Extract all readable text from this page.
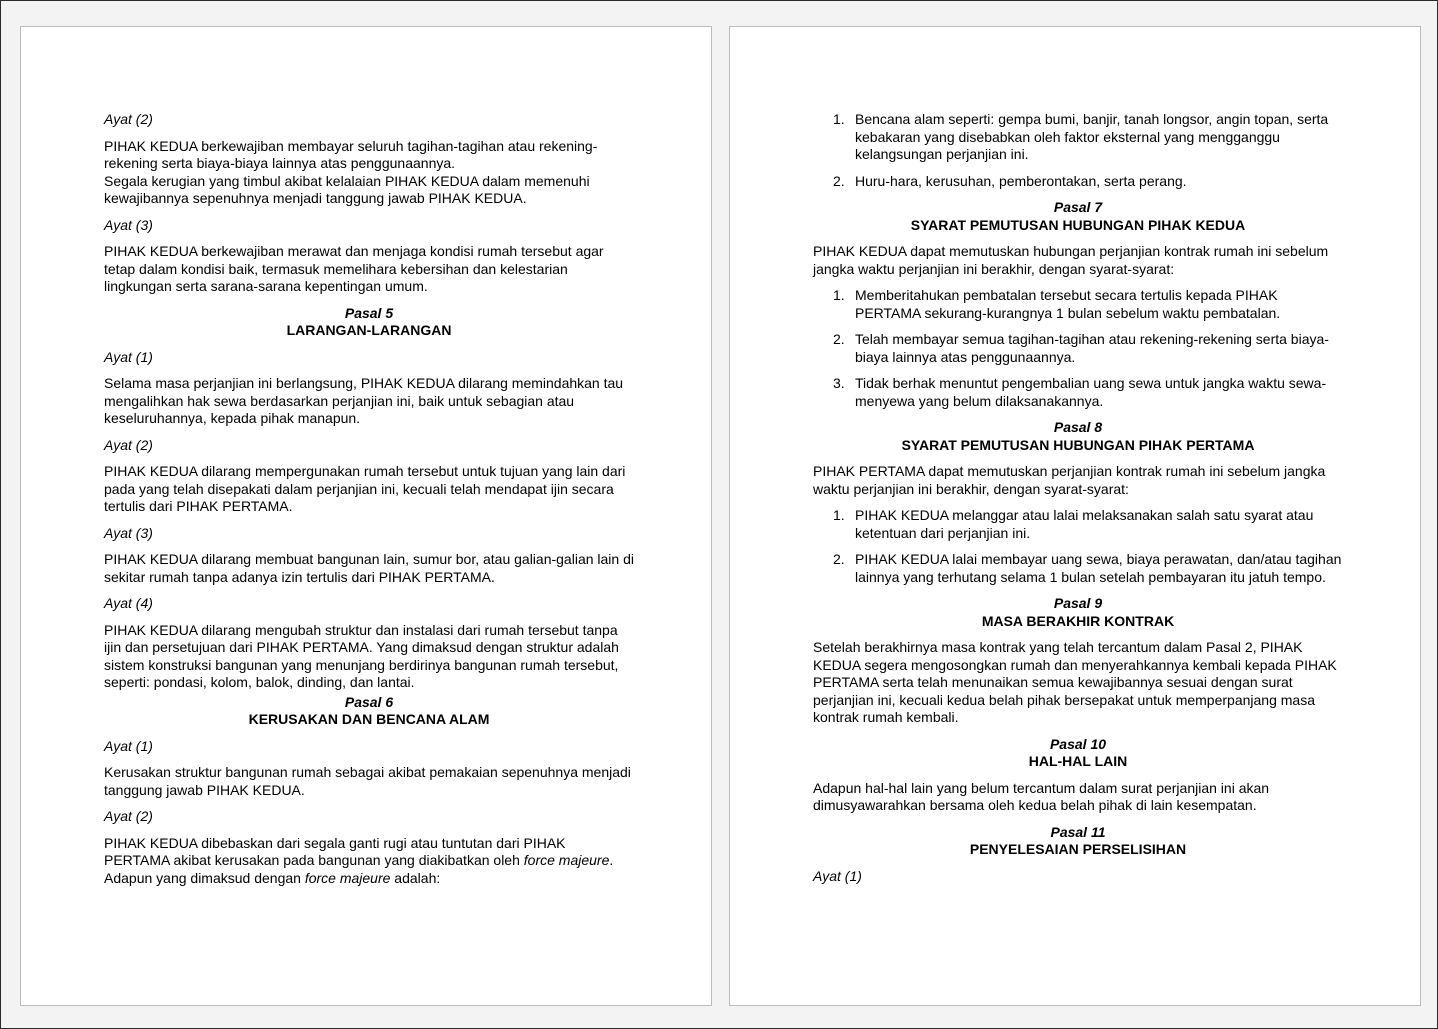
Ayat (2)

PIHAK KEDUA berkewajiban membayar seluruh tagihan-tagihan atau rekening-rekening serta biaya-biaya lainnya atas penggunaannya.

Segala kerugian yang timbul akibat kelalaian PIHAK KEDUA dalam memenuhi kewajibannya sepenuhnya menjadi tanggung jawab PIHAK KEDUA.

Ayat (3)

PIHAK KEDUA berkewajiban merawat dan menjaga kondisi rumah tersebut agar tetap dalam kondisi baik, termasuk memelihara kebersihan dan kelestarian lingkungan serta sarana-sarana kepentingan umum.

Pasal 5
LARANGAN-LARANGAN

Ayat (1)

Selama masa perjanjian ini berlangsung, PIHAK KEDUA dilarang memindahkan tau mengalihkan hak sewa berdasarkan perjanjian ini, baik untuk sebagian atau keseluruhannya, kepada pihak manapun.

Ayat (2)

PIHAK KEDUA dilarang mempergunakan rumah tersebut untuk tujuan yang lain dari pada yang telah disepakati dalam perjanjian ini, kecuali telah mendapat ijin secara tertulis dari PIHAK PERTAMA.

Ayat (3)

PIHAK KEDUA dilarang membuat bangunan lain, sumur bor, atau galian-galian lain di sekitar rumah tanpa adanya izin tertulis dari PIHAK PERTAMA.

Ayat (4)

PIHAK KEDUA dilarang mengubah struktur dan instalasi dari rumah tersebut tanpa ijin dan persetujuan dari PIHAK PERTAMA. Yang dimaksud dengan struktur adalah sistem konstruksi bangunan yang menunjang berdirinya bangunan rumah tersebut, seperti: pondasi, kolom, balok, dinding, dan lantai.

Pasal 6
KERUSAKAN DAN BENCANA ALAM

Ayat (1)

Kerusakan struktur bangunan rumah sebagai akibat pemakaian sepenuhnya menjadi tanggung jawab PIHAK KEDUA.

Ayat (2)

PIHAK KEDUA dibebaskan dari segala ganti rugi atau tuntutan dari PIHAK PERTAMA akibat kerusakan pada bangunan yang diakibatkan oleh force majeure.

Adapun yang dimaksud dengan force majeure adalah:

1. Bencana alam seperti: gempa bumi, banjir, tanah longsor, angin topan, serta kebakaran yang disebabkan oleh faktor eksternal yang mengganggu kelangsungan perjanjian ini.
2. Huru-hara, kerusuhan, pemberontakan, serta perang.
Pasal 7
SYARAT PEMUTUSAN HUBUNGAN PIHAK KEDUA

PIHAK KEDUA dapat memutuskan hubungan perjanjian kontrak rumah ini sebelum jangka waktu perjanjian ini berakhir, dengan syarat-syarat:

1. Memberitahukan pembatalan tersebut secara tertulis kepada PIHAK PERTAMA sekurang-kurangnya 1 bulan sebelum waktu pembatalan.
2. Telah membayar semua tagihan-tagihan atau rekening-rekening serta biaya-biaya lainnya atas penggunaannya.
3. Tidak berhak menuntut pengembalian uang sewa untuk jangka waktu sewa-menyewa yang belum dilaksanakannya.
Pasal 8
SYARAT PEMUTUSAN HUBUNGAN PIHAK PERTAMA

PIHAK PERTAMA dapat memutuskan perjanjian kontrak rumah ini sebelum jangka waktu perjanjian ini berakhir, dengan syarat-syarat:

1. PIHAK KEDUA melanggar atau lalai melaksanakan salah satu syarat atau ketentuan dari perjanjian ini.
2. PIHAK KEDUA lalai membayar uang sewa, biaya perawatan, dan/atau tagihan lainnya yang terhutang selama 1 bulan setelah pembayaran itu jatuh tempo.
Pasal 9
MASA BERAKHIR KONTRAK

Setelah berakhirnya masa kontrak yang telah tercantum dalam Pasal 2, PIHAK KEDUA segera mengosongkan rumah dan menyerahkannya kembali kepada PIHAK PERTAMA serta telah menunaikan semua kewajibannya sesuai dengan surat perjanjian ini, kecuali kedua belah pihak bersepakat untuk memperpanjang masa kontrak rumah kembali.

Pasal 10
HAL-HAL LAIN

Adapun hal-hal lain yang belum tercantum dalam surat perjanjian ini akan dimusyawarahkan bersama oleh kedua belah pihak di lain kesempatan.

Pasal 11
PENYELESAIAN PERSELISIHAN

Ayat (1)
